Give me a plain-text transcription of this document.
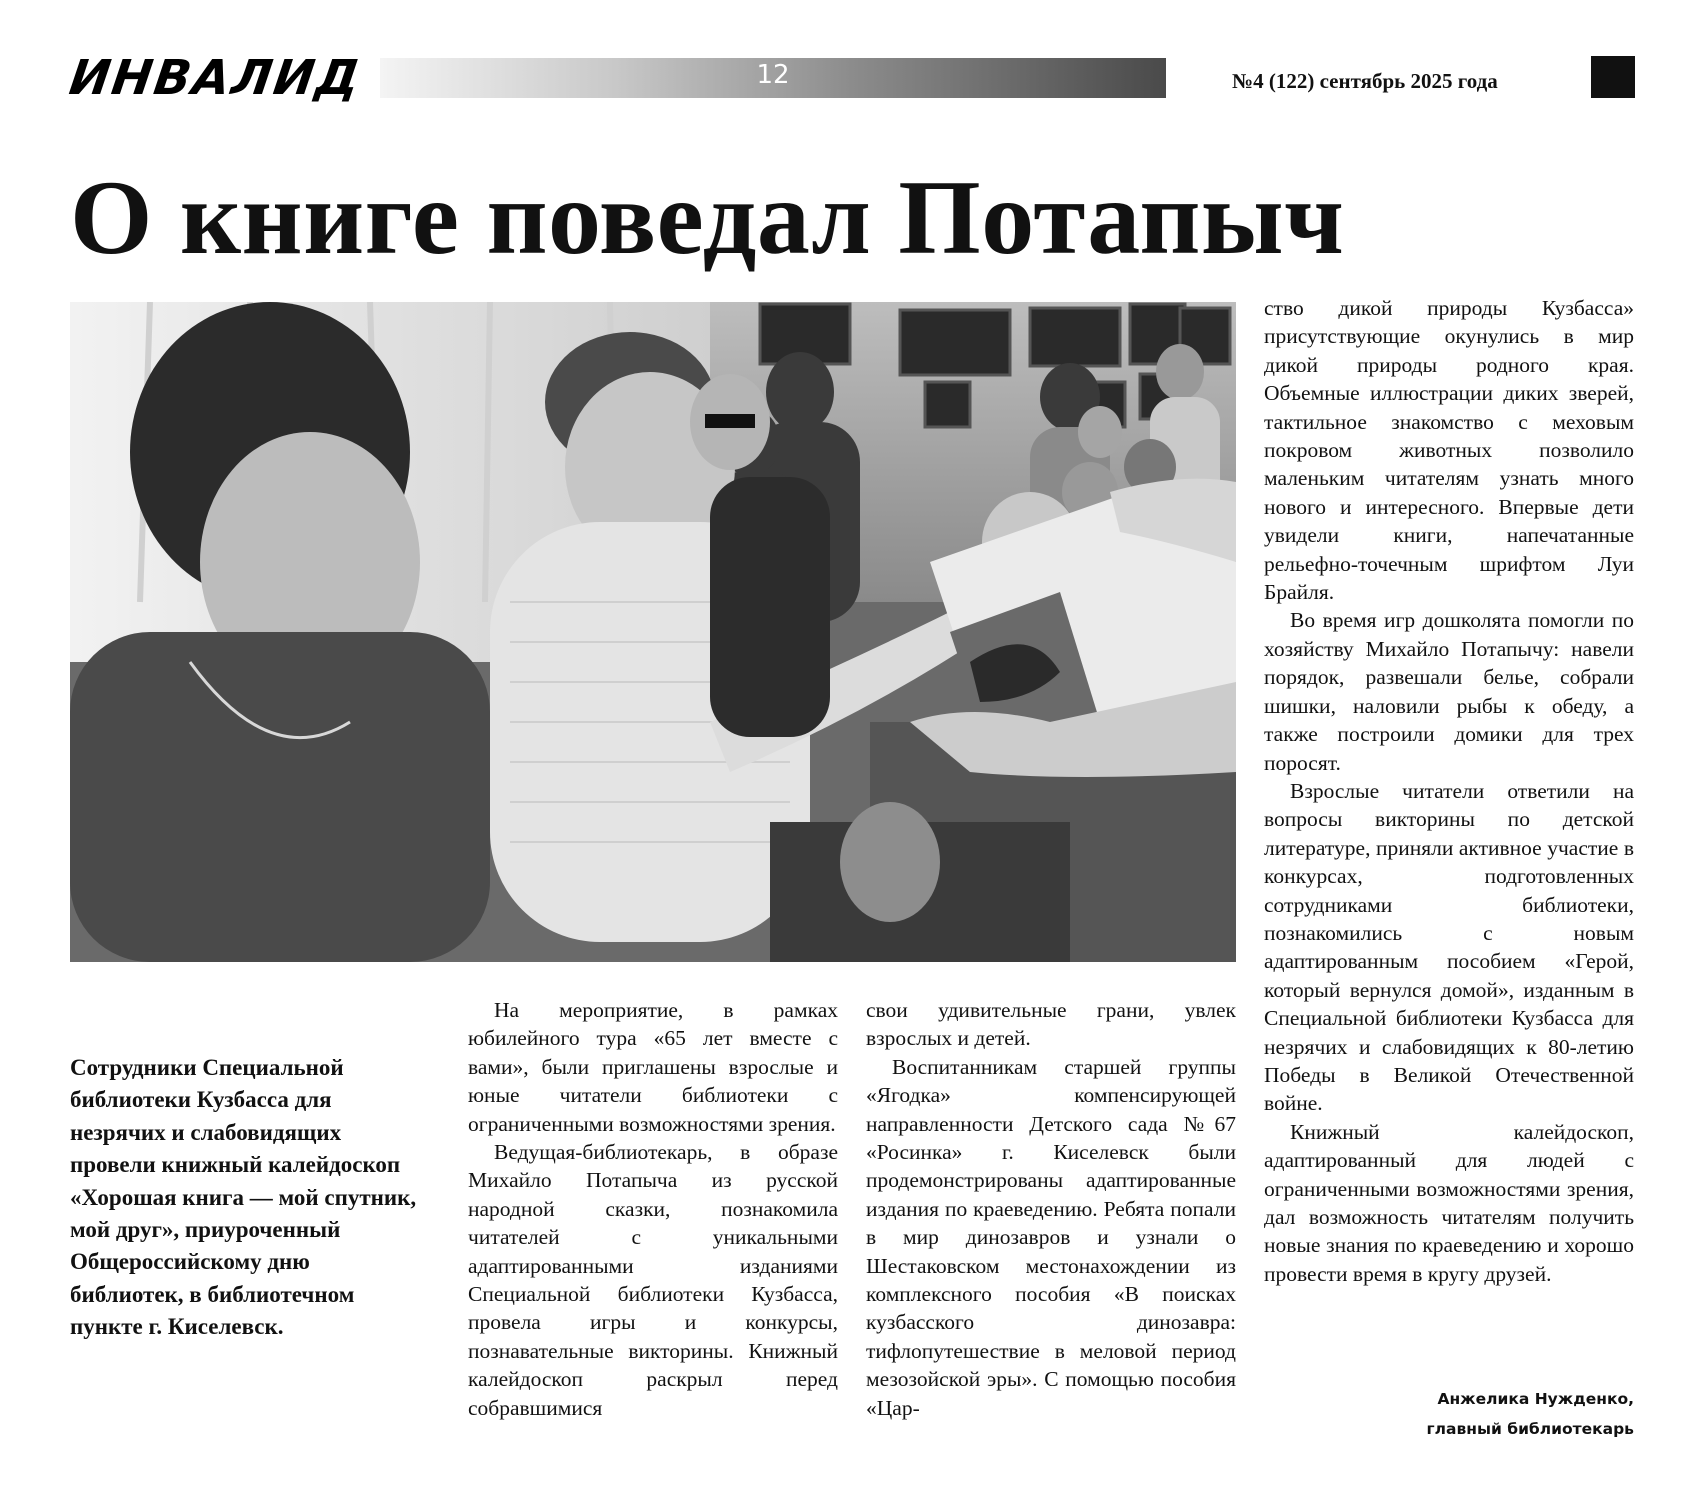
ИНВАЛИД	12	№4 (122) сентябрь 2025 года
О книге поведал Потапыч

Сотрудники Специальной библиотеки Кузбасса для незрячих и слабовидящих провели книжный калейдоскоп «Хорошая книга — мой спутник, мой друг», приуроченный Общероссийскому дню библиотек, в библиотечном пункте г. Киселевск.

На мероприятие, в рамках юбилейного тура «65 лет вместе с вами», были приглашены взрослые и юные читатели библиотеки с ограниченными возможностями зрения.

Ведущая-библиотекарь, в образе Михайло Потапыча из русской народной сказки, познакомила читателей с уникальными адаптированными изданиями Специальной библиотеки Кузбасса, провела игры и конкурсы, познавательные викторины. Книжный калейдоскоп раскрыл перед собравшимися

свои удивительные грани, увлек взрослых и детей.

Воспитанникам старшей группы «Ягодка» компенсирующей направленности Детского сада №67 «Росинка» г. Киселевск были продемонстрированы адаптированные издания по краеведению. Ребята попали в мир динозавров и узнали о Шестаковском местонахождении из комплексного пособия «В поисках кузбасского динозавра: тифлопутешествие в меловой период мезозойской эры». С помощью пособия «Цар-

ство дикой природы Кузбасса» присутствующие окунулись в мир дикой природы родного края. Объемные иллюстрации диких зверей, тактильное знакомство с меховым покровом животных позволило маленьким читателям узнать много нового и интересного. Впервые дети увидели книги, напечатанные рельефно-точечным шрифтом Луи Брайля.

Во время игр дошколята помогли по хозяйству Михайло Потапычу: навели порядок, развешали белье, собрали шишки, наловили рыбы к обеду, а также построили домики для трех поросят.

Взрослые читатели ответили на вопросы викторины по детской литературе, приняли активное участие в конкурсах, подготовленных сотрудниками библиотеки, познакомились с новым адаптированным пособием «Герой, который вернулся домой», изданным в Специальной библиотеки Кузбасса для незрячих и слабовидящих к 80-летию Победы в Великой Отечественной войне.

Книжный калейдоскоп, адаптированный для людей с ограниченными возможностями зрения, дал возможность читателям получить новые знания по краеведению и хорошо провести время в кругу друзей.

Анжелика Нужденко,
главный библиотекарь
